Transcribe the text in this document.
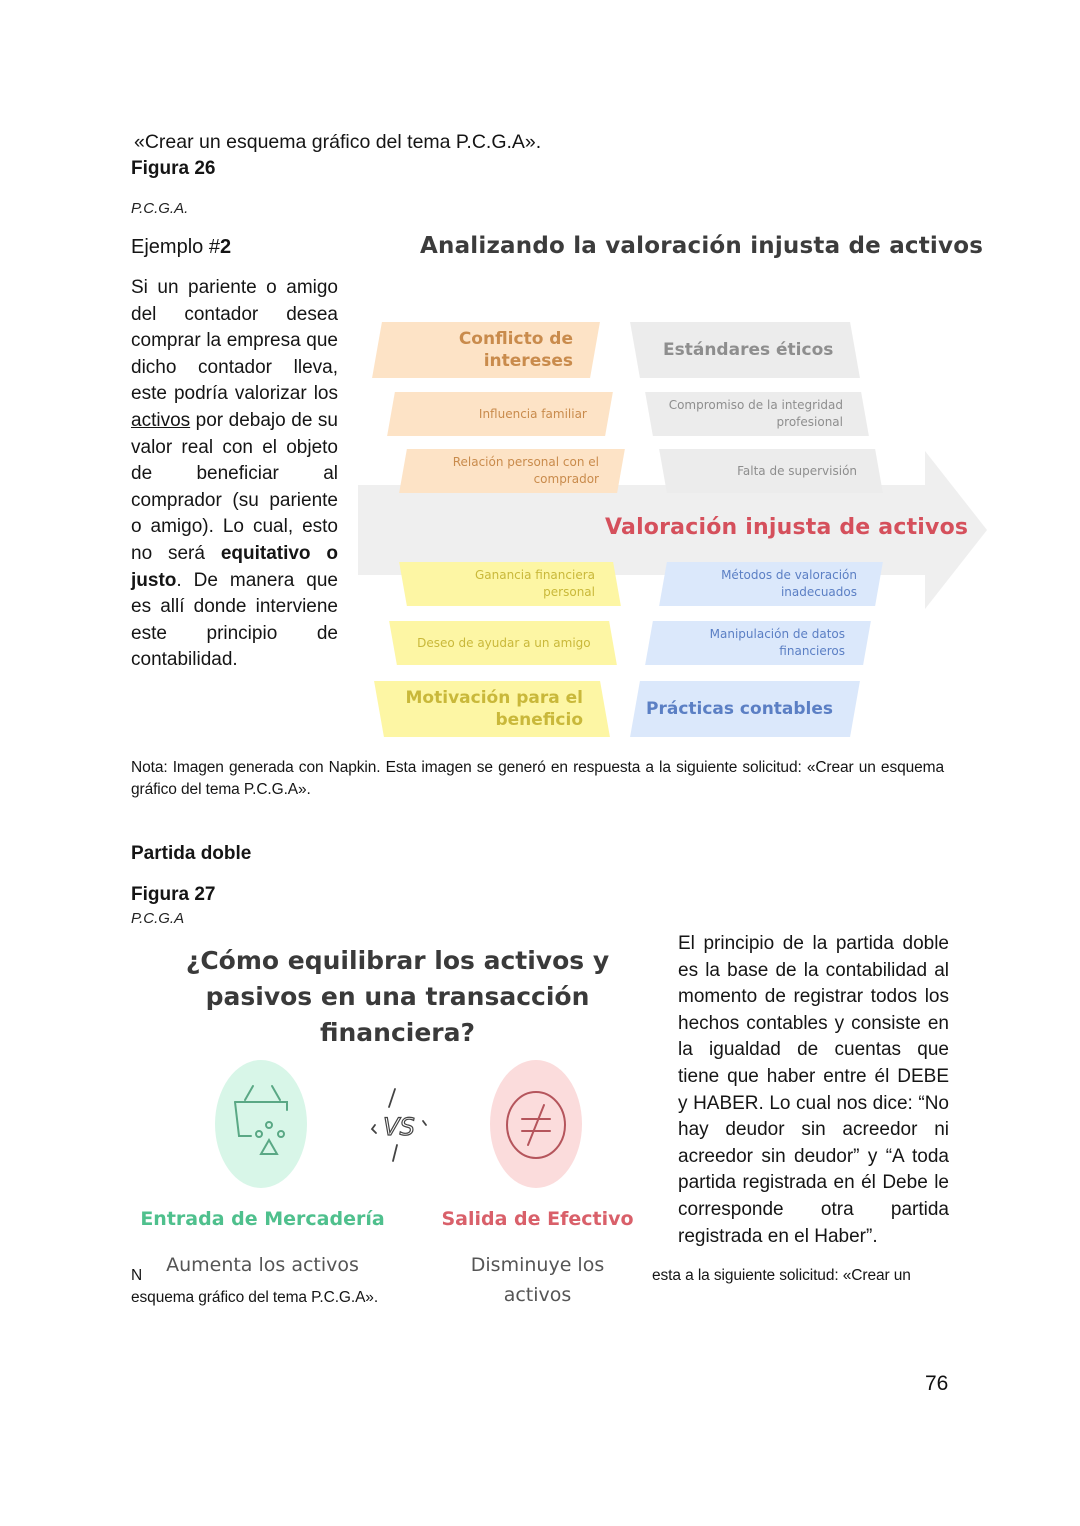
«Crear un esquema gráfico del tema P.C.G.A».
Figura 26
P.C.G.A.
Ejemplo #2
Si un pariente o amigo del contador desea comprar la empresa que dicho contador lleva, este podría valorizar los activos por debajo de su valor real con el objeto de beneficiar al comprador (su pariente o amigo). Lo cual, esto no será equitativo o justo. De manera que es allí donde interviene este principio de contabilidad.
Analizando la valoración injusta de activos
Conflicto de intereses
Influencia familiar
Relación personal con el comprador
Estándares éticos
Compromiso de la integridad profesional
Falta de supervisión
Valoración injusta de activos
Ganancia financiera personal
Deseo de ayudar a un amigo
Motivación para el beneficio
Métodos de valoración inadecuados
Manipulación de datos financieros
Prácticas contables
Nota: Imagen generada con Napkin. Esta imagen se generó en respuesta a la siguiente solicitud: «Crear un esquema gráfico del tema P.C.G.A».
Partida doble
Figura 27
P.C.G.A
¿Cómo equilibrar los activos y pasivos en una transacción financiera?
VS
Entrada de Mercadería	Salida de Efectivo
El principio de la partida doble es la base de la contabilidad al momento de registrar todos los hechos contables y consiste en la igualdad de cuentas que tiene que haber entre él DEBE y HABER. Lo cual nos dice: “No hay deudor sin acreedor ni acreedor sin deudor” y “A toda partida registrada en él Debe le corresponde otra partida registrada en el Haber”.
N	esta a la siguiente solicitud: «Crear un
esquema gráfico del tema P.C.G.A».
Aumenta los activos	Disminuye los activos
76
